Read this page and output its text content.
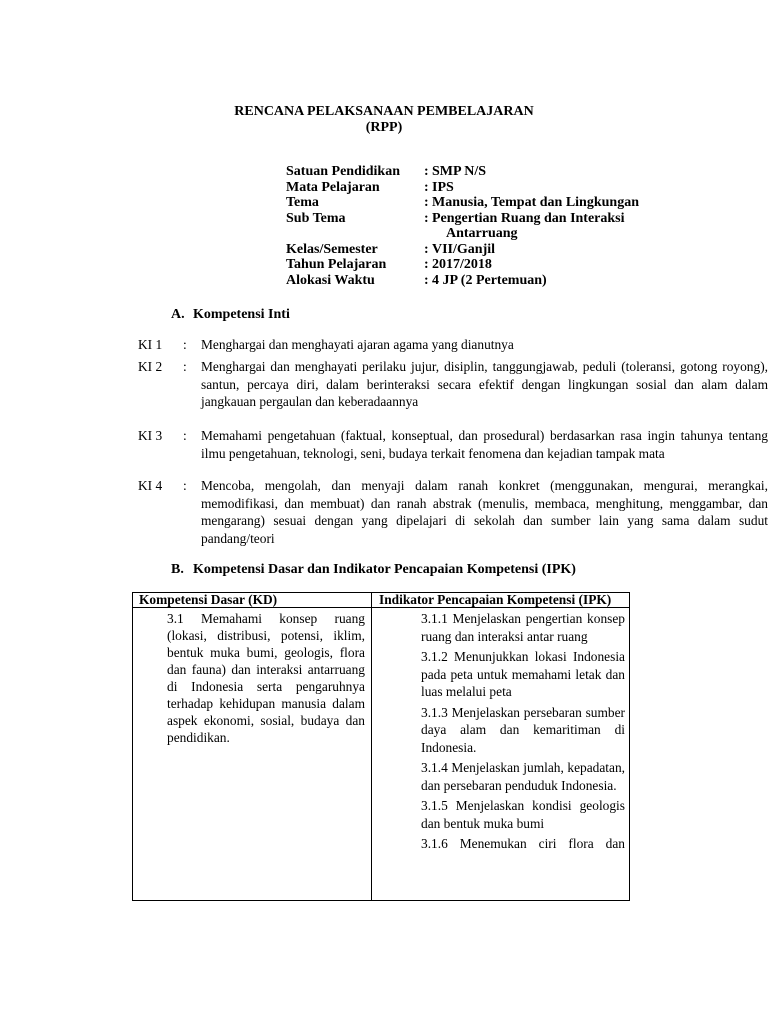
RENCANA PELAKSANAAN PEMBELAJARAN
(RPP)
Satuan Pendidikan : SMP N/S
Mata Pelajaran	: IPS
Tema	: Manusia, Tempat dan Lingkungan
Sub Tema	: Pengertian Ruang dan Interaksi
Antarruang
Kelas/Semester	: VII/Ganjil
Tahun Pelajaran	: 2017/2018
Alokasi Waktu	: 4 JP (2 Pertemuan)
A. Kompetensi Inti
KI 1 : Menghargai dan menghayati ajaran agama yang dianutnya
KI 2 : Menghargai dan menghayati perilaku jujur, disiplin, tanggungjawab, peduli (toleransi, gotong royong), santun, percaya diri, dalam berinteraksi secara efektif dengan lingkungan sosial dan alam dalam jangkauan pergaulan dan keberadaannya
KI 3 : Memahami pengetahuan (faktual, konseptual, dan prosedural) berdasarkan rasa ingin tahunya tentang ilmu pengetahuan, teknologi, seni, budaya terkait fenomena dan kejadian tampak mata
KI 4 : Mencoba, mengolah, dan menyaji dalam ranah konkret (menggunakan, mengurai, merangkai, memodifikasi, dan membuat) dan ranah abstrak (menulis, membaca, menghitung, menggambar, dan mengarang) sesuai dengan yang dipelajari di sekolah dan sumber lain yang sama dalam sudut pandang/teori
B. Kompetensi Dasar dan Indikator Pencapaian Kompetensi (IPK)
Kompetensi Dasar (KD)	Indikator Pencapaian Kompetensi (IPK)
3.1 Memahami konsep ruang (lokasi, distribusi, potensi, iklim, bentuk muka bumi, geologis, flora dan fauna) dan interaksi antarruang di Indonesia serta pengaruhnya terhadap kehidupan manusia dalam aspek ekonomi, sosial, budaya dan pendidikan.
3.1.1 Menjelaskan pengertian konsep ruang dan interaksi antar ruang
3.1.2 Menunjukkan lokasi Indonesia pada peta untuk memahami letak dan luas melalui peta
3.1.3 Menjelaskan persebaran sumber daya alam dan kemaritiman di Indonesia.
3.1.4 Menjelaskan jumlah, kepadatan, dan persebaran penduduk Indonesia.
3.1.5 Menjelaskan kondisi geologis dan bentuk muka bumi
3.1.6 Menemukan ciri flora dan
